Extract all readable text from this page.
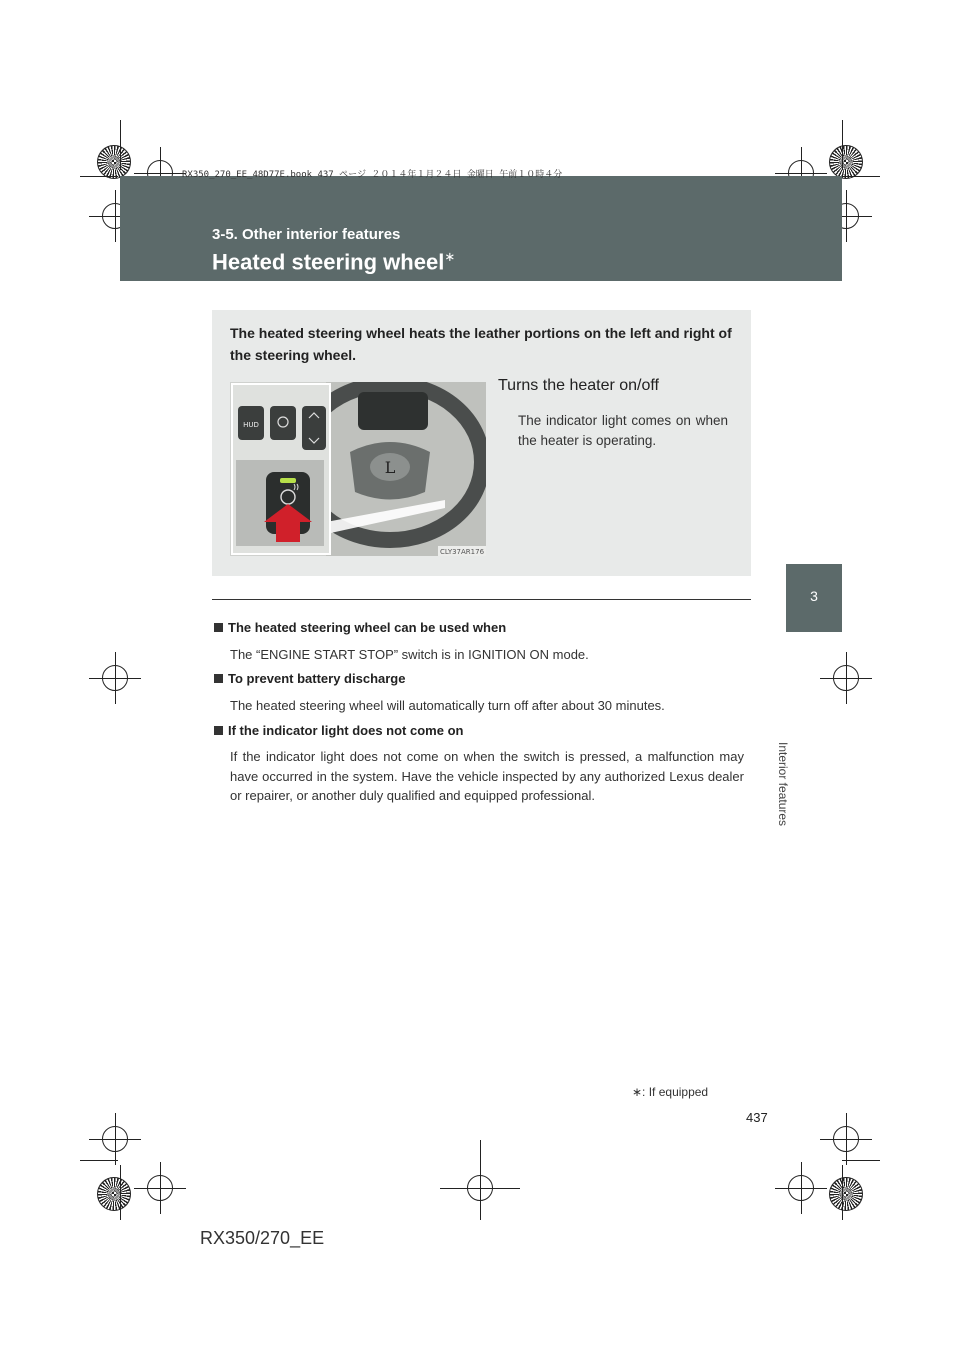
RX350_270_EE_48D77E.book 437 ページ ２０１４年１月２４日 金曜日 午前１０時４分
3-5. Other interior features
Heated steering wheel∗
3
Interior features
The heated steering wheel heats the leather portions on the left and right of the steering wheel.
L
HUD
CLY37AR176
Turns the heater on/off
The indicator light comes on when the heater is operating.
The heated steering wheel can be used when
The “ENGINE START STOP” switch is in IGNITION ON mode.
To prevent battery discharge
The heated steering wheel will automatically turn off after about 30 minutes.
If the indicator light does not come on
If the indicator light does not come on when the switch is pressed, a malfunction may have occurred in the system. Have the vehicle inspected by any authorized Lexus dealer or repairer, or another duly qualified and equipped professional.
∗: If equipped
437
RX350/270_EE
